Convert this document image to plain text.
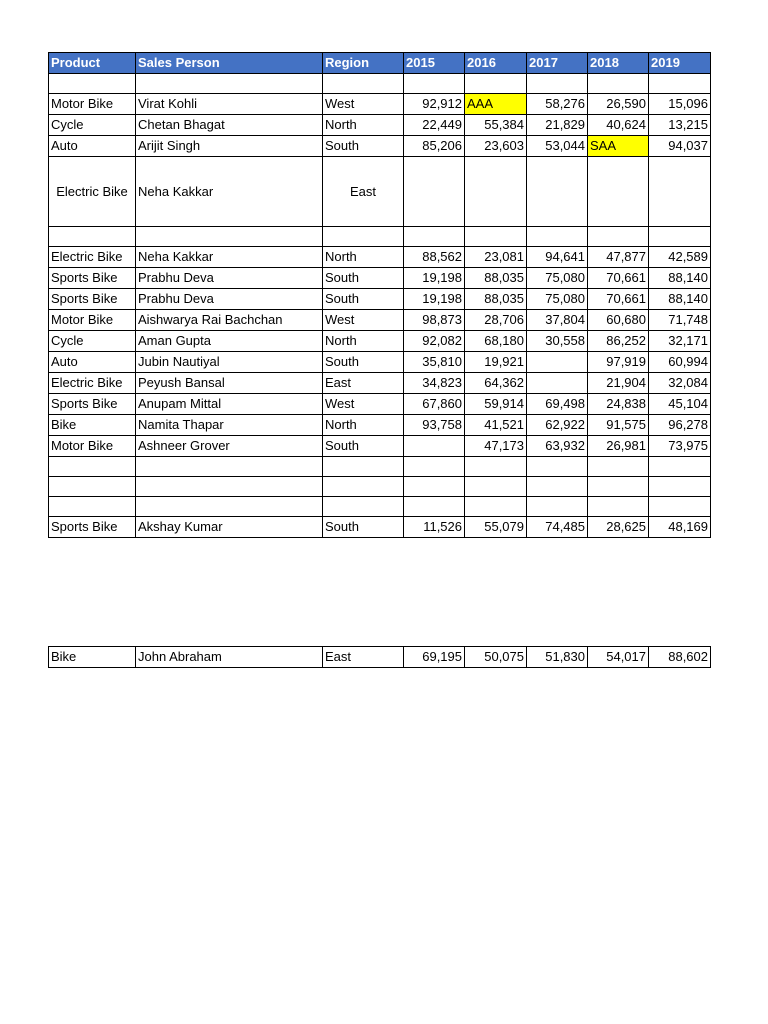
Product	Sales Person	Region	2015	2016	2017	2018	2019

Motor Bike	Virat Kohli	West	92,912	AAA	58,276	26,590	15,096
Cycle	Chetan Bhagat	North	22,449	55,384	21,829	40,624	13,215
Auto	Arijit Singh	South	85,206	23,603	53,044	SAA	94,037
Electric Bike	Neha Kakkar	East					

Electric Bike	Neha Kakkar	North	88,562	23,081	94,641	47,877	42,589
Sports Bike	Prabhu Deva	South	19,198	88,035	75,080	70,661	88,140
Sports Bike	Prabhu Deva	South	19,198	88,035	75,080	70,661	88,140
Motor Bike	Aishwarya Rai Bachchan	West	98,873	28,706	37,804	60,680	71,748
Cycle	Aman Gupta	North	92,082	68,180	30,558	86,252	32,171
Auto	Jubin Nautiyal	South	35,810	19,921		97,919	60,994
Electric Bike	Peyush Bansal	East	34,823	64,362		21,904	32,084
Sports Bike	Anupam Mittal	West	67,860	59,914	69,498	24,838	45,104
Bike	Namita Thapar	North	93,758	41,521	62,922	91,575	96,278
Motor Bike	Ashneer Grover	South		47,173	63,932	26,981	73,975

Sports Bike	Akshay Kumar	South	11,526	55,079	74,485	28,625	48,169
Bike	John Abraham	East	69,195	50,075	51,830	54,017	88,602
